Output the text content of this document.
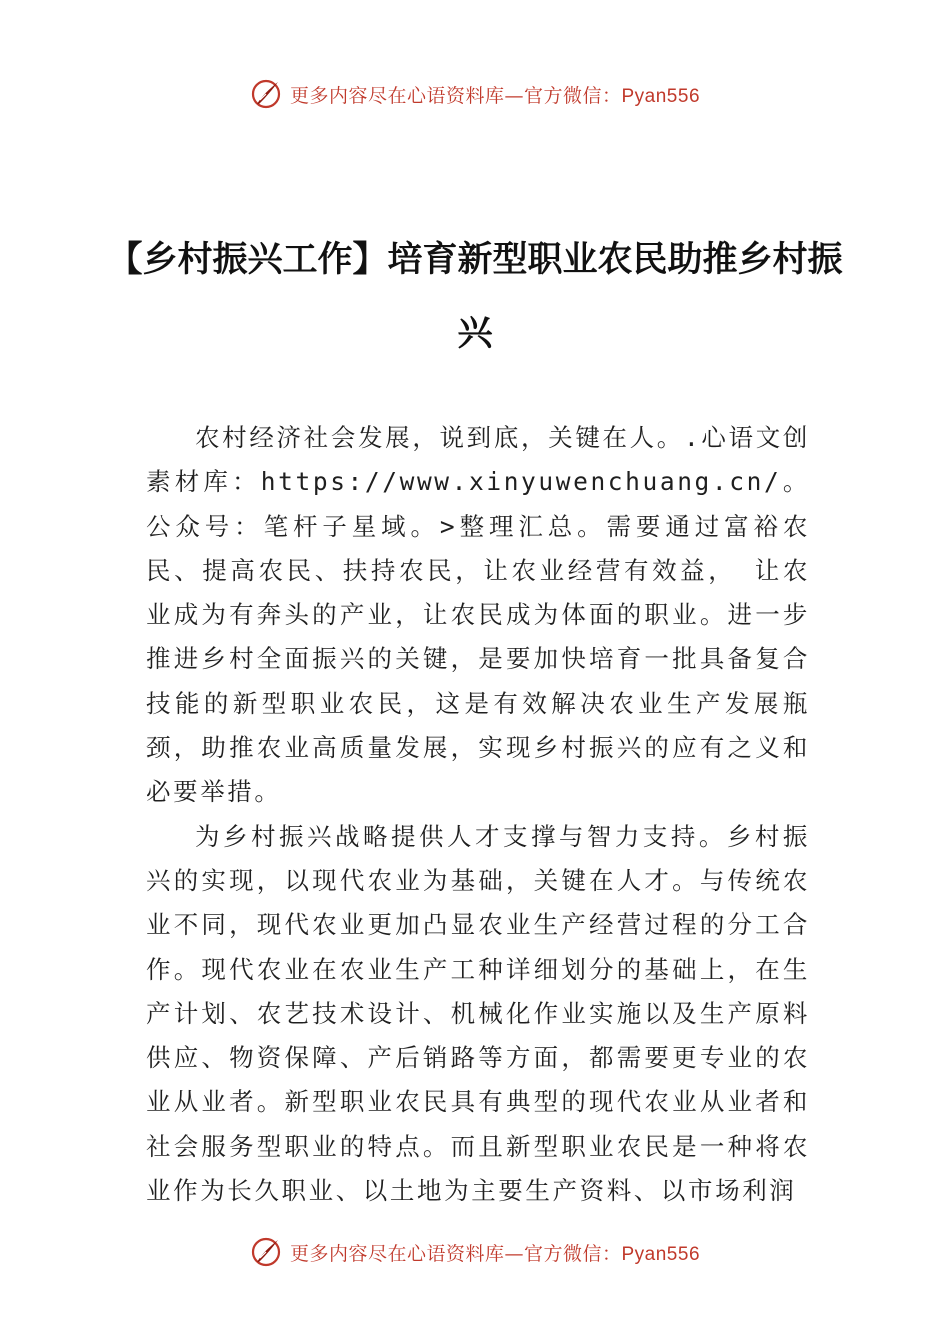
更多内容尽在心语资料库—官方微信：Pyan556
【乡村振兴工作】培育新型职业农民助推乡村振兴

农村经济社会发展，说到底，关键在人。.心语文创素材库：https://www.xinyuwenchuang.cn/。公众号：笔杆子星域。>整理汇总。需要通过富裕农民、提高农民、扶持农民，让农业经营有效益， 让农业成为有奔头的产业，让农民成为体面的职业。进一步推进乡村全面振兴的关键，是要加快培育一批具备复合技能的新型职业农民，这是有效解决农业生产发展瓶颈，助推农业高质量发展，实现乡村振兴的应有之义和必要举措。

为乡村振兴战略提供人才支撑与智力支持。乡村振兴的实现，以现代农业为基础，关键在人才。与传统农业不同，现代农业更加凸显农业生产经营过程的分工合作。现代农业在农业生产工种详细划分的基础上，在生产计划、农艺技术设计、机械化作业实施以及生产原料供应、物资保障、产后销路等方面，都需要更专业的农业从业者。新型职业农民具有典型的现代农业从业者和社会服务型职业的特点。而且新型职业农民是一种将农业作为长久职业、以土地为主要生产资料、以市场利润

更多内容尽在心语资料库—官方微信：Pyan556
